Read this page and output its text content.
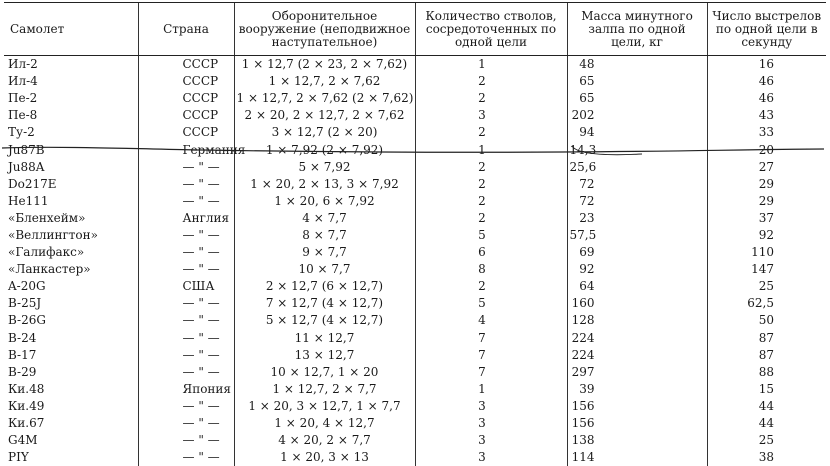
Самолет	Страна	Оборонительное вооружение (неподвижное наступательное)	Количество стволов, сосредоточенных по одной цели	Масса минутного залпа по одной цели, кг	Число выстрелов по одной цели в секунду
Ил-2	СССР	1 × 12,7 (2 × 23, 2 × 7,62)	1	48	16
Ил-4	СССР	1 × 12,7, 2 × 7,62	2	65	46
Пе-2	СССР	1 × 12,7, 2 × 7,62 (2 × 7,62)	2	65	46
Пе-8	СССР	2 × 20, 2 × 12,7, 2 × 7,62	3	202	43
Ту-2	СССР	3 × 12,7 (2 × 20)	2	94	33
Ju87B	Германия	1 × 7,92 (2 × 7,92)	1	14,3	20
Ju88A	— " —	5 × 7,92	2	25,6	27
Do217E	— " —	1 × 20, 2 × 13, 3 × 7,92	2	72	29
He111	— " —	1 × 20, 6 × 7,92	2	72	29
«Бленхейм»	Англия	4 × 7,7	2	23	37
«Веллингтон»	— " —	8 × 7,7	5	57,5	92
«Галифакс»	— " —	9 × 7,7	6	69	110
«Ланкастер»	— " —	10 × 7,7	8	92	147
A-20G	США	2 × 12,7 (6 × 12,7)	2	64	25
B-25J	— " —	7 × 12,7 (4 × 12,7)	5	160	62,5
B-26G	— " —	5 × 12,7 (4 × 12,7)	4	128	50
B-24	— " —	11 × 12,7	7	224	87
B-17	— " —	13 × 12,7	7	224	87
B-29	— " —	10 × 12,7, 1 × 20	7	297	88
Ки.48	Япония	1 × 12,7, 2 × 7,7	1	39	15
Ки.49	— " —	1 × 20, 3 × 12,7, 1 × 7,7	3	156	44
Ки.67	— " —	1 × 20, 4 × 12,7	3	156	44
G4M	— " —	4 × 20, 2 × 7,7	3	138	25
PIY	— " —	1 × 20, 3 × 13	3	114	38
